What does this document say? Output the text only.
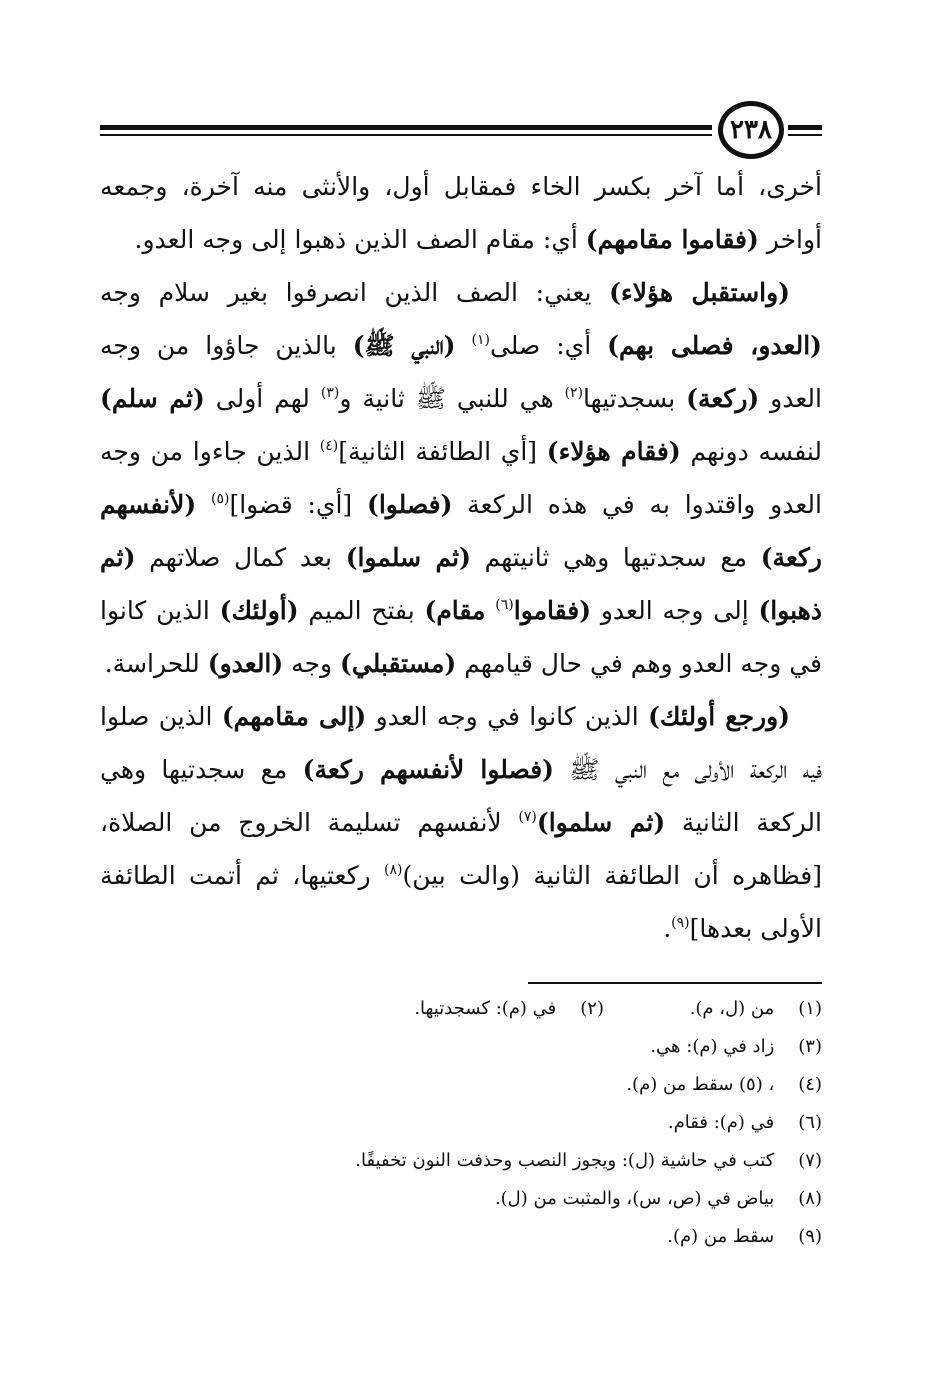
٢٣٨
أخرى، أما آخر بكسر الخاء فمقابل أول، والأنثى منه آخرة، وجمعه
أواخر (فقاموا مقامهم) أي: مقام الصف الذين ذهبوا إلى وجه العدو.
(واستقبل هؤلاء) يعني: الصف الذين انصرفوا بغير سلام وجه
(العدو، فصلى بهم) أي: صلى$^{(١)}$ (النبي ﷺ) بالذين جاؤوا من وجه
العدو (ركعة) بسجدتيها$^{(٢)}$ هي للنبي ﷺ ثانية و$^{(٣)}$ لهم أولى (ثم سلم)
لنفسه دونهم (فقام هؤلاء) [أي الطائفة الثانية]$^{(٤)}$ الذين جاءوا من وجه
العدو واقتدوا به في هذه الركعة (فصلوا) [أي: قضوا]$^{(٥)}$ (لأنفسهم
ركعة) مع سجدتيها وهي ثانيتهم (ثم سلموا) بعد كمال صلاتهم (ثم
ذهبوا) إلى وجه العدو (فقاموا$^{(٦)}$ مقام) بفتح الميم (أولئك) الذين كانوا
في وجه العدو وهم في حال قيامهم (مستقبلي) وجه (العدو) للحراسة.
(ورجع أولئك) الذين كانوا في وجه العدو (إلى مقامهم) الذين صلوا
فيه الركعة الأولى مع النبي ﷺ (فصلوا لأنفسهم ركعة) مع سجدتيها وهي
الركعة الثانية (ثم سلموا)$^{(٧)}$ لأنفسهم تسليمة الخروج من الصلاة،
[فظاهره أن الطائفة الثانية (والت بين)$^{(٨)}$ ركعتيها، ثم أتمت الطائفة
الأولى بعدها]$^{(٩)}$.
(١) من (ل، م).
(٢) في (م): كسجدتيها.
(٣) زاد في (م): هي.
(٤) ، (٥) سقط من (م).
(٦) في (م): فقام.
(٧) كتب في حاشية (ل): ويجوز النصب وحذفت النون تخفيفًا.
(٨) بياض في (ص، س)، والمثبت من (ل).
(٩) سقط من (م).
